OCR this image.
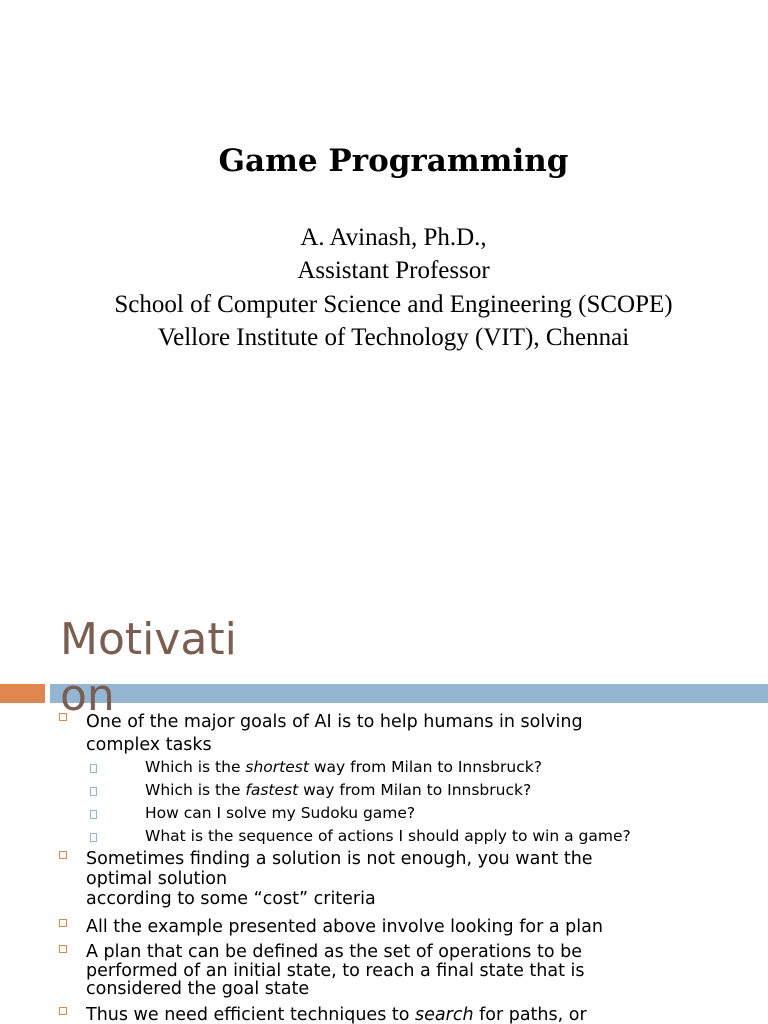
Game Programming
A. Avinash, Ph.D.,
Assistant Professor
School of Computer Science and Engineering (SCOPE)
Vellore Institute of Technology (VIT), Chennai
Motivati
on
One of the major goals of AI is to help humans in solving
complex tasks
Which is the shortest way from Milan to Innsbruck?
Which is the fastest way from Milan to Innsbruck?
How can I solve my Sudoku game?
What is the sequence of actions I should apply to win a game?
Sometimes finding a solution is not enough, you want the
optimal solution
according to some “cost” criteria
All the example presented above involve looking for a plan
A plan that can be defined as the set of operations to be
performed of an initial state, to reach a final state that is
considered the goal state
Thus we need efficient techniques to search for paths, or
